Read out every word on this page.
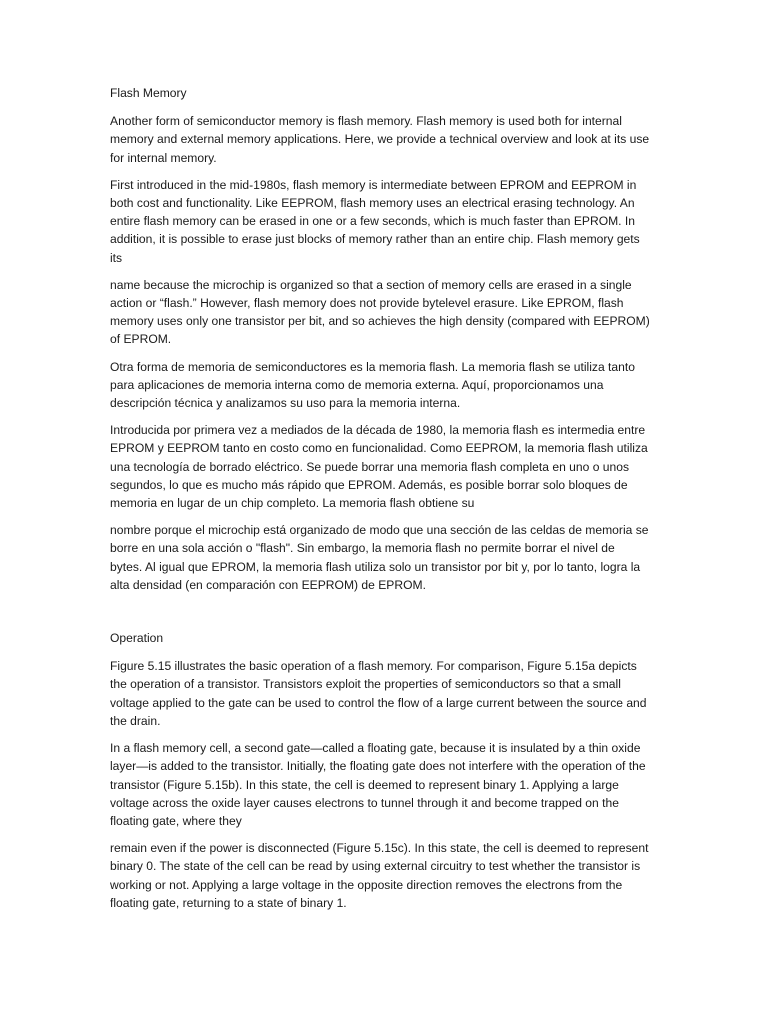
Flash Memory

Another form of semiconductor memory is flash memory. Flash memory is used both for internal memory and external memory applications. Here, we provide a technical overview and look at its use for internal memory.

First introduced in the mid-1980s, flash memory is intermediate between EPROM and EEPROM in both cost and functionality. Like EEPROM, flash memory uses an electrical erasing technology. An entire flash memory can be erased in one or a few seconds, which is much faster than EPROM. In addition, it is possible to erase just blocks of memory rather than an entire chip. Flash memory gets its

name because the microchip is organized so that a section of memory cells are erased in a single action or “flash.” However, flash memory does not provide bytelevel erasure. Like EPROM, flash memory uses only one transistor per bit, and so achieves the high density (compared with EEPROM) of EPROM.

Otra forma de memoria de semiconductores es la memoria flash. La memoria flash se utiliza tanto para aplicaciones de memoria interna como de memoria externa. Aquí, proporcionamos una descripción técnica y analizamos su uso para la memoria interna.

Introducida por primera vez a mediados de la década de 1980, la memoria flash es intermedia entre EPROM y EEPROM tanto en costo como en funcionalidad. Como EEPROM, la memoria flash utiliza una tecnología de borrado eléctrico. Se puede borrar una memoria flash completa en uno o unos segundos, lo que es mucho más rápido que EPROM. Además, es posible borrar solo bloques de memoria en lugar de un chip completo. La memoria flash obtiene su

nombre porque el microchip está organizado de modo que una sección de las celdas de memoria se borre en una sola acción o "flash". Sin embargo, la memoria flash no permite borrar el nivel de bytes. Al igual que EPROM, la memoria flash utiliza solo un transistor por bit y, por lo tanto, logra la alta densidad (en comparación con EEPROM) de EPROM.

Operation

Figure 5.15 illustrates the basic operation of a flash memory. For comparison, Figure 5.15a depicts the operation of a transistor. Transistors exploit the properties of semiconductors so that a small voltage applied to the gate can be used to control the flow of a large current between the source and the drain.

In a flash memory cell, a second gate—called a floating gate, because it is insulated by a thin oxide layer—is added to the transistor. Initially, the floating gate does not interfere with the operation of the transistor (Figure 5.15b). In this state, the cell is deemed to represent binary 1. Applying a large voltage across the oxide layer causes electrons to tunnel through it and become trapped on the floating gate, where they

remain even if the power is disconnected (Figure 5.15c). In this state, the cell is deemed to represent binary 0. The state of the cell can be read by using external circuitry to test whether the transistor is working or not. Applying a large voltage in the opposite direction removes the electrons from the floating gate, returning to a state of binary 1.
